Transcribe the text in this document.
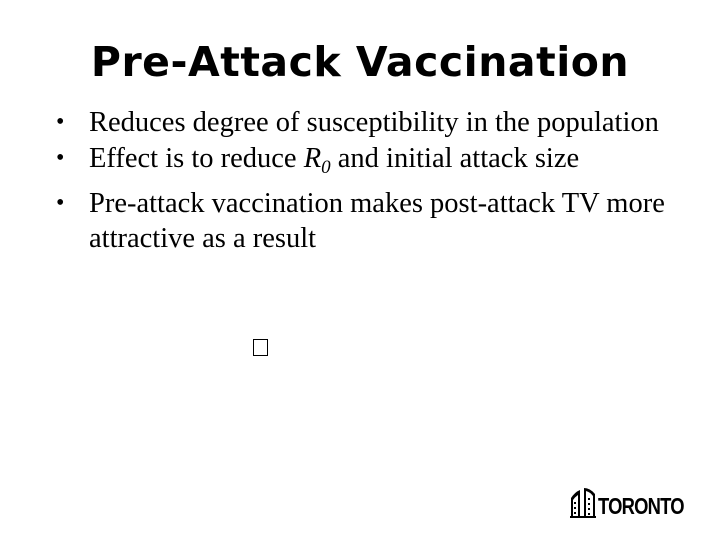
Pre-Attack Vaccination
• Reduces degree of susceptibility in the population
• Effect is to reduce $R_0$ and initial attack size
• Pre-attack vaccination makes post-attack TV more attractive as a result
TORONTO
